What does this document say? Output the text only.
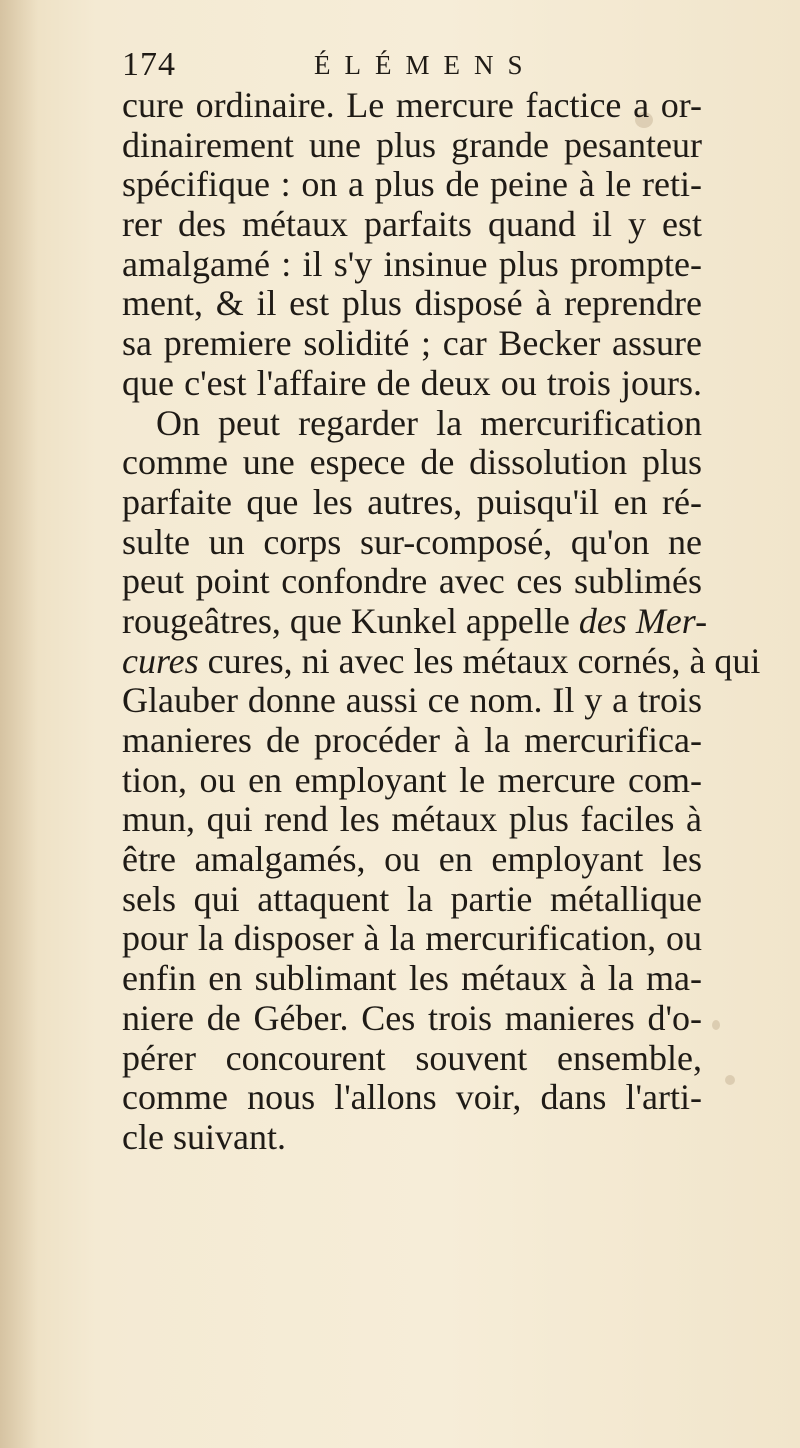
174	ÉLÉMENS
cure ordinaire. Le mercure factice a or-
dinairement une plus grande pesanteur
spécifique : on a plus de peine à le reti-
rer des métaux parfaits quand il y est
amalgamé : il s'y insinue plus prompte-
ment, & il est plus disposé à reprendre
sa premiere solidité ; car Becker assure
que c'est l'affaire de deux ou trois jours.
On peut regarder la mercurification
comme une espece de dissolution plus
parfaite que les autres, puisqu'il en ré-
sulte un corps sur-composé, qu'on ne
peut point confondre avec ces sublimés
rougeâtres, que Kunkel appelle des Mer-
cures cures, ni avec les métaux cornés, à qui
Glauber donne aussi ce nom. Il y a trois
manieres de procéder à la mercurifica-
tion, ou en employant le mercure com-
mun, qui rend les métaux plus faciles à
être amalgamés, ou en employant les
sels qui attaquent la partie métallique
pour la disposer à la mercurification, ou
enfin en sublimant les métaux à la ma-
niere de Géber. Ces trois manieres d'o-
pérer concourent souvent ensemble,
comme nous l'allons voir, dans l'arti-
cle suivant.
